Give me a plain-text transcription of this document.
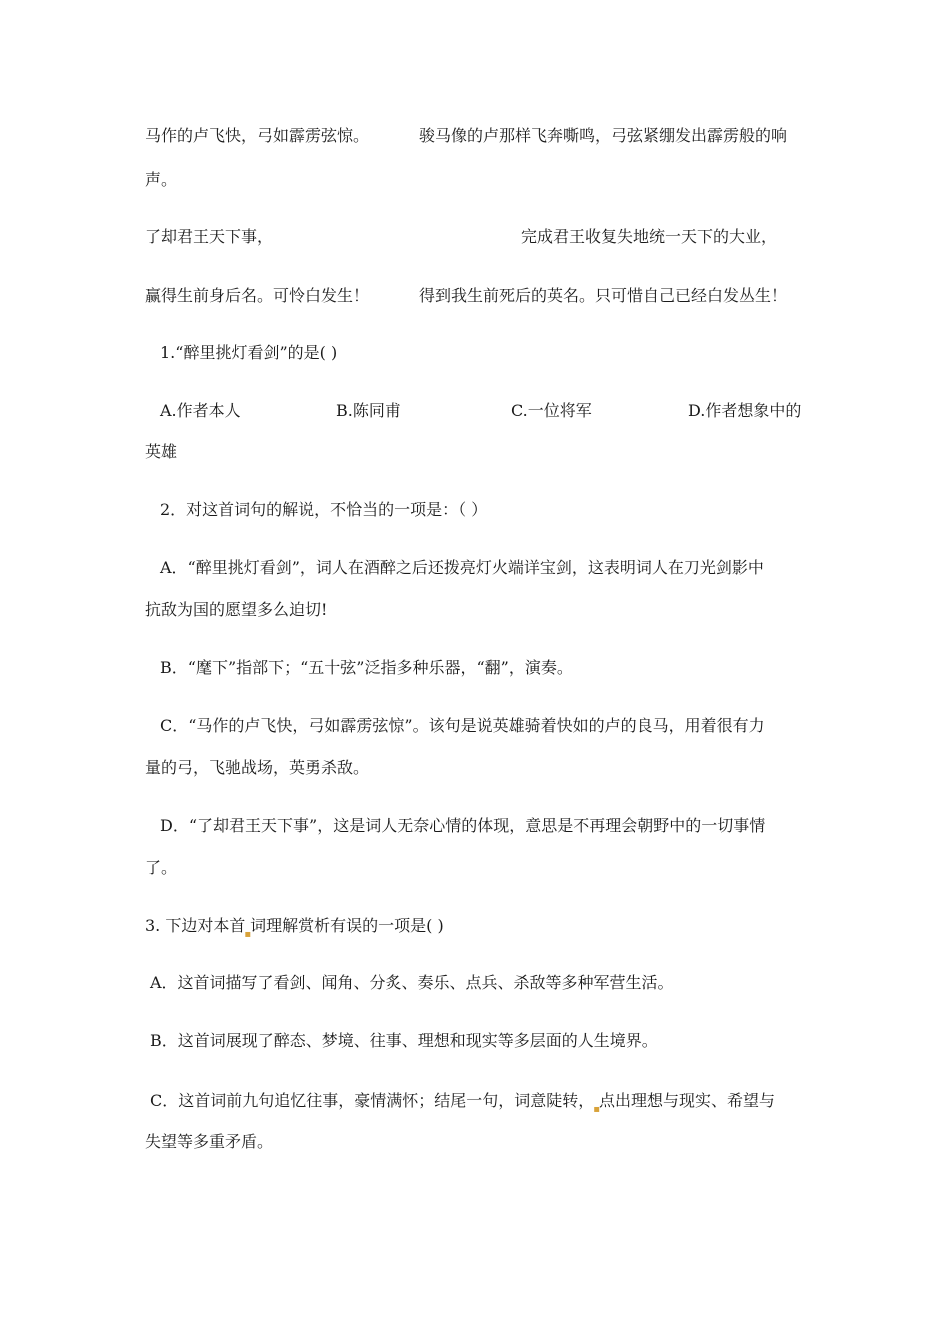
马作的卢飞快，弓如霹雳弦惊。	骏马像的卢那样飞奔嘶鸣，弓弦紧绷发出霹雳般的响
声。
了却君王天下事，	完成君王收复失地统一天下的大业，
赢得生前身后名。可怜白发生！	得到我生前死后的英名。只可惜自己已经白发丛生！
1.“醉里挑灯看剑”的是( )
A.作者本人	B.陈同甫	C.一位将军	D.作者想象中的
英雄
2．对这首词句的解说，不恰当的一项是：（ ）
A．“醉里挑灯看剑”，词人在酒醉之后还拨亮灯火端详宝剑，这表明词人在刀光剑影中
抗敌为国的愿望多么迫切!
B．“麾下”指部下；“五十弦”泛指多种乐器，“翻”，演奏。
C．“马作的卢飞快，弓如霹雳弦惊”。该句是说英雄骑着快如的卢的良马，用着很有力
量的弓，飞驰战场，英勇杀敌。
D．“了却君王天下事”，这是词人无奈心情的体现，意思是不再理会朝野中的一切事情
了。
3. 下边对本首$_▪$词理解赏析有误的一项是( )
A．这首词描写了看剑、闻角、分炙、奏乐、点兵、杀敌等多种军营生活。
B．这首词展现了醉态、梦境、往事、理想和现实等多层面的人生境界。
C．这首词前九句追忆往事，豪情满怀；结尾一句，词意陡转，$_▪$点出理想与现实、希望与
失望等多重矛盾。
